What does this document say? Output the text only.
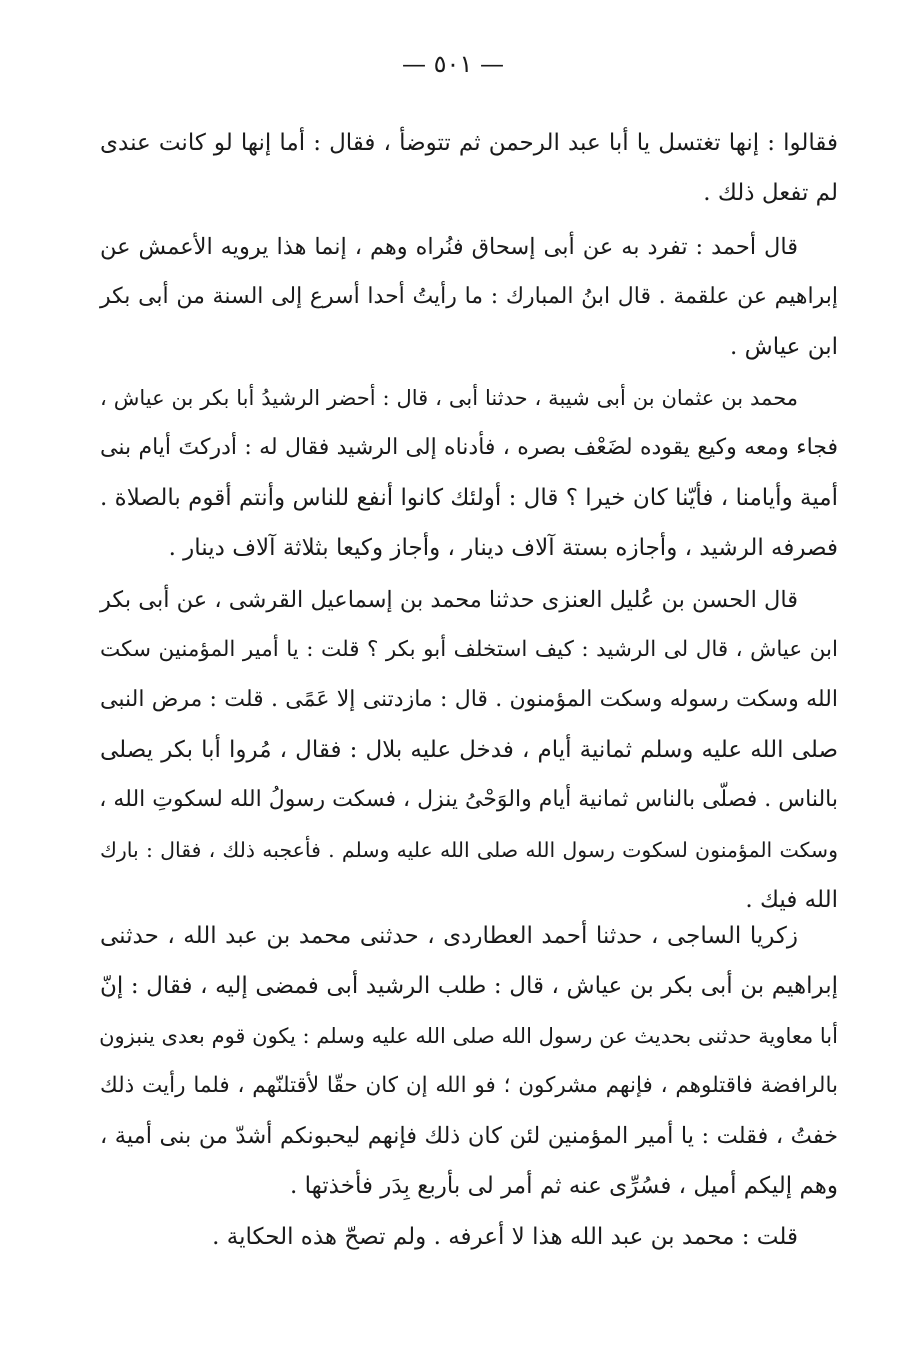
— ٥٠١ —

فقالوا : إنها تغتسل يا أبا عبد الرحمن ثم تتوضأ ، فقال : أما إنها لو كانت عندى
لم تفعل ذلك .

قال أحمد : تفرد به عن أبى إسحاق فنُراه وهم ، إنما هذا يرويه الأعمش عن
إبراهيم عن علقمة . قال ابنُ المبارك : ما رأيتُ أحدا أسرع إلى السنة من أبى بكر
ابن عياش .

محمد بن عثمان بن أبى شيبة ، حدثنا أبى ، قال : أحضر الرشيدُ أبا بكر بن عياش ،
فجاء ومعه وكيع يقوده لضَعْف بصره ، فأدناه إلى الرشيد فقال له : أدركتَ أيام بنى
أمية وأيامنا ، فأيّنا كان خيرا ؟ قال : أولئك كانوا أنفع للناس وأنتم أقوم بالصلاة .
فصرفه الرشيد ، وأجازه بستة آلاف دينار ، وأجاز وكيعا بثلاثة آلاف دينار .

قال الحسن بن عُليل العنزى حدثنا محمد بن إسماعيل القرشى ، عن أبى بكر
ابن عياش ، قال لى الرشيد : كيف استخلف أبو بكر ؟ قلت : يا أمير المؤمنين سكت
الله وسكت رسوله وسكت المؤمنون . قال : مازدتنى إلا عَمًى . قلت : مرض النبى
صلى الله عليه وسلم ثمانية أيام ، فدخل عليه بلال : فقال ، مُروا أبا بكر يصلى
بالناس . فصلّى بالناس ثمانية أيام والوَحْىُ ينزل ، فسكت رسولُ الله لسكوتِ الله ،
وسكت المؤمنون لسكوت رسول الله صلى الله عليه وسلم . فأعجبه ذلك ، فقال : بارك
الله فيك .

زكريا الساجى ، حدثنا أحمد العطاردى ، حدثنى محمد بن عبد الله ، حدثنى
إبراهيم بن أبى بكر بن عياش ، قال : طلب الرشيد أبى فمضى إليه ، فقال : إنّ
أبا معاوية حدثنى بحديث عن رسول الله صلى الله عليه وسلم : يكون قوم بعدى ينبزون
بالرافضة فاقتلوهم ، فإنهم مشركون ؛ فو الله إن كان حقّا لأقتلنّهم ، فلما رأيت ذلك
خفتُ ، فقلت : يا أمير المؤمنين لئن كان ذلك فإنهم ليحبونكم أشدّ من بنى أمية ،
وهم إليكم أميل ، فسُرِّى عنه ثم أمر لى بأربع بِدَر فأخذتها .

قلت : محمد بن عبد الله هذا لا أعرفه . ولم تصحّ هذه الحكاية .
